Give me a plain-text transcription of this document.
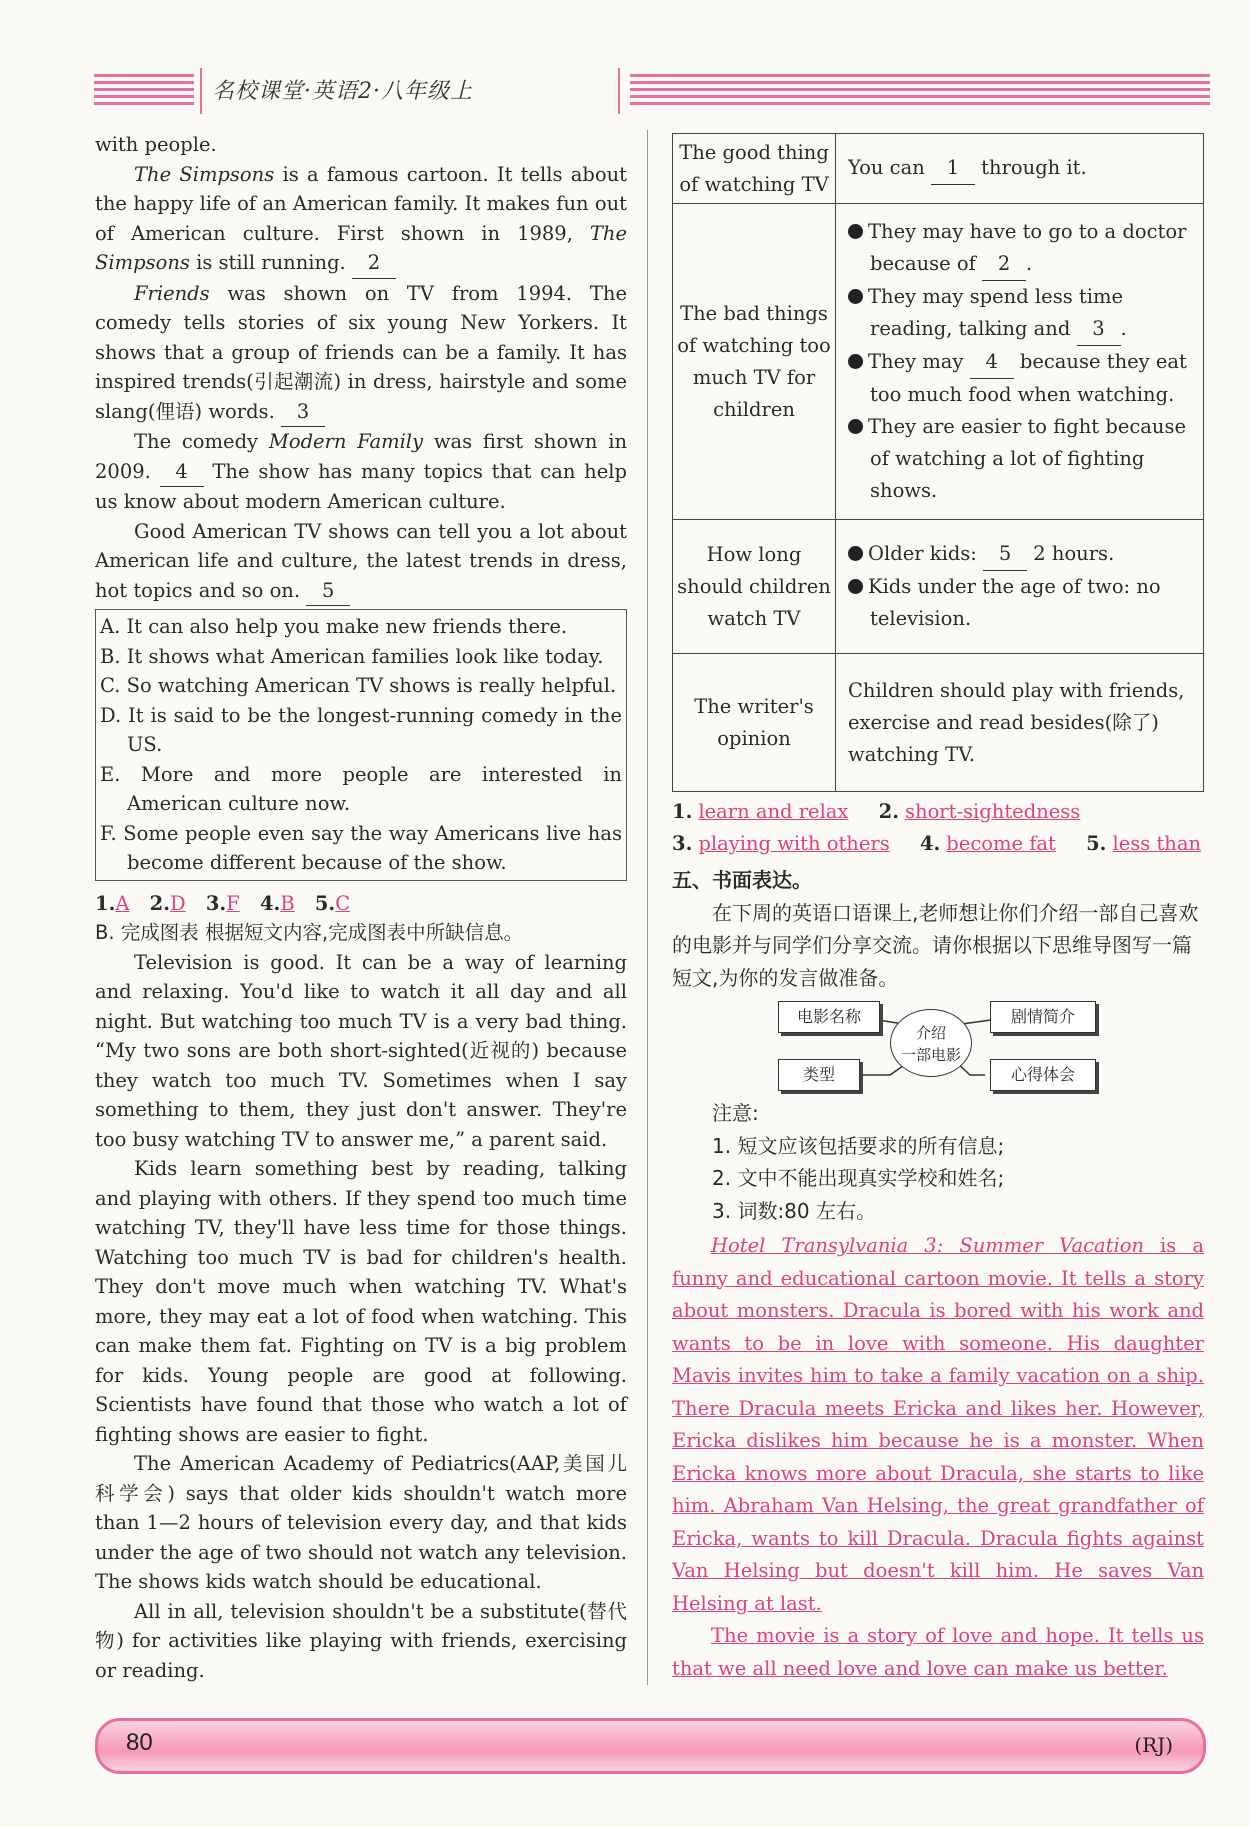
名校课堂·英语2·八年级上

with people.

The Simpsons is a famous cartoon. It tells about the happy life of an American family. It makes fun out of American culture. First shown in 1989, The Simpsons is still running. 2

Friends was shown on TV from 1994. The comedy tells stories of six young New Yorkers. It shows that a group of friends can be a family. It has inspired trends(引起潮流) in dress, hairstyle and some slang(俚语) words. 3

The comedy Modern Family was first shown in 2009. 4 The show has many topics that can help us know about modern American culture.

Good American TV shows can tell you a lot about American life and culture, the latest trends in dress, hot topics and so on. 5

A. It can also help you make new friends there.
B. It shows what American families look like today.
C. So watching American TV shows is really helpful.
D. It is said to be the longest-running comedy in the US.
E. More and more people are interested in American culture now.
F. Some people even say the way Americans live has become different because of the show.

1.A 2.D 3.F 4.B 5.C

B. 完成图表 根据短文内容,完成图表中所缺信息。

Television is good. It can be a way of learning and relaxing. You'd like to watch it all day and all night. But watching too much TV is a very bad thing. “My two sons are both short-sighted(近视的) because they watch too much TV. Sometimes when I say something to them, they just don't answer. They're too busy watching TV to answer me,” a parent said.

Kids learn something best by reading, talking and playing with others. If they spend too much time watching TV, they'll have less time for those things. Watching too much TV is bad for children's health. They don't move much when watching TV. What's more, they may eat a lot of food when watching. This can make them fat. Fighting on TV is a big problem for kids. Young people are good at following. Scientists have found that those who watch a lot of fighting shows are easier to fight.

The American Academy of Pediatrics(AAP,美国儿科学会) says that older kids shouldn't watch more than 1—2 hours of television every day, and that kids under the age of two should not watch any television. The shows kids watch should be educational.

All in all, television shouldn't be a substitute(替代物) for activities like playing with friends, exercising or reading.

The good thing of watching TV	You can 1 through it.
The bad things of watching too much TV for children	They may have to go to a doctor because of 2 .
They may spend less time reading, talking and 3 .
They may 4 because they eat too much food when watching.
They are easier to fight because of watching a lot of fighting shows.

How long should children watch TV	Older kids: 5 2 hours.
Kids under the age of two: no television.

The writer's opinion	Children should play with friends, exercise and read besides(除了) watching TV.
1. learn and relax 2. short-sightedness
3. playing with others 4. become fat 5. less than

五、书面表达。

在下周的英语口语课上,老师想让你们介绍一部自己喜欢的电影并与同学们分享交流。请你根据以下思维导图写一篇短文,为你的发言做准备。

电影名称	剧情简介
介绍
一部电影
类型	心得体会

注意:

1. 短文应该包括要求的所有信息;

2. 文中不能出现真实学校和姓名;

3. 词数:80 左右。

Hotel Transylvania 3: Summer Vacation is a funny and educational cartoon movie. It tells a story about monsters. Dracula is bored with his work and wants to be in love with someone. His daughter Mavis invites him to take a family vacation on a ship. There Dracula meets Ericka and likes her. However, Ericka dislikes him because he is a monster. When Ericka knows more about Dracula, she starts to like him. Abraham Van Helsing, the great grandfather of Ericka, wants to kill Dracula. Dracula fights against Van Helsing but doesn't kill him. He saves Van Helsing at last.

The movie is a story of love and hope. It tells us that we all need love and love can make us better.

80	(RJ)
